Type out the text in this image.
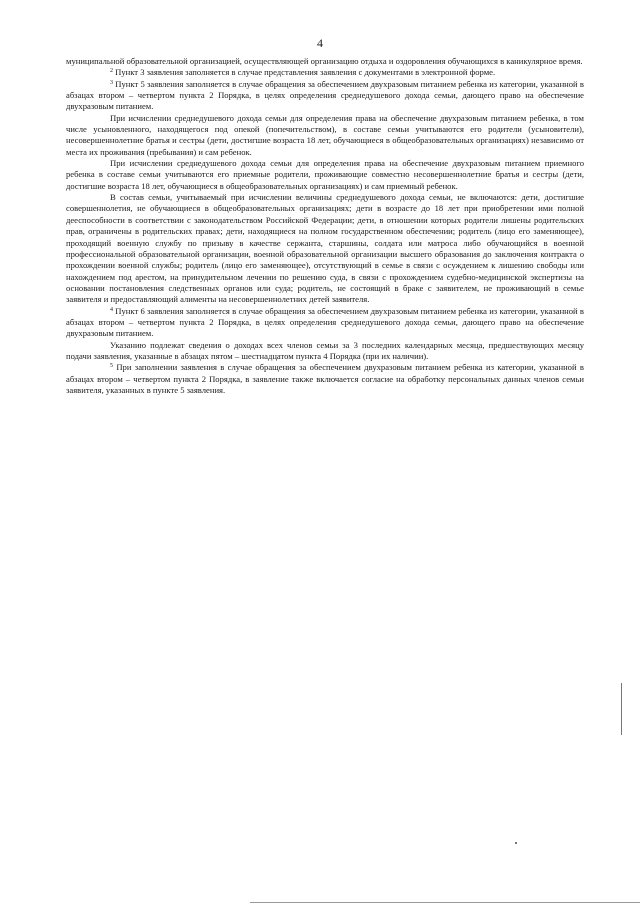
4

муниципальной образовательной организацией, осуществляющей организацию отдыха и оздоровления обучающихся в каникулярное время.

$^2$ Пункт 3 заявления заполняется в случае представления заявления с документами в электронной форме.

$^3$ Пункт 5 заявления заполняется в случае обращения за обеспечением двухразовым питанием ребенка из категории, указанной в абзацах втором – четвертом пункта 2 Порядка, в целях определения среднедушевого дохода семьи, дающего право на обеспечение двухразовым питанием.

При исчислении среднедушевого дохода семьи для определения права на обеспечение двухразовым питанием ребенка, в том числе усыновленного, находящегося под опекой (попечительством), в составе семьи учитываются его родители (усыновители), несовершеннолетние братья и сестры (дети, достигшие возраста 18 лет, обучающиеся в общеобразовательных организациях) независимо от места их проживания (пребывания) и сам ребенок.

При исчислении среднедушевого дохода семьи для определения права на обеспечение двухразовым питанием приемного ребенка в составе семьи учитываются его приемные родители, проживающие совместно несовершеннолетние братья и сестры (дети, достигшие возраста 18 лет, обучающиеся в общеобразовательных организациях) и сам приемный ребенок.

В состав семьи, учитываемый при исчислении величины среднедушевого дохода семьи, не включаются: дети, достигшие совершеннолетия, не обучающиеся в общеобразовательных организациях; дети в возрасте до 18 лет при приобретении ими полной дееспособности в соответствии с законодательством Российской Федерации; дети, в отношении которых родители лишены родительских прав, ограничены в родительских правах; дети, находящиеся на полном государственном обеспечении; родитель (лицо его заменяющее), проходящий военную службу по призыву в качестве сержанта, старшины, солдата или матроса либо обучающийся в военной профессиональной образовательной организации, военной образовательной организации высшего образования до заключения контракта о прохождении военной службы; родитель (лицо его заменяющее), отсутствующий в семье в связи с осуждением к лишению свободы или нахождением под арестом, на принудительном лечении по решению суда, в связи с прохождением судебно-медицинской экспертизы на основании постановления следственных органов или суда; родитель, не состоящий в браке с заявителем, не проживающий в семье заявителя и предоставляющий алименты на несовершеннолетних детей заявителя.

$^4$ Пункт 6 заявления заполняется в случае обращения за обеспечением двухразовым питанием ребенка из категории, указанной в абзацах втором – четвертом пункта 2 Порядка, в целях определения среднедушевого дохода семьи, дающего право на обеспечение двухразовым питанием.

Указанию подлежат сведения о доходах всех членов семьи за 3 последних календарных месяца, предшествующих месяцу подачи заявления, указанные в абзацах пятом – шестнадцатом пункта 4 Порядка (при их наличии).

$^5$ При заполнении заявления в случае обращения за обеспечением двухразовым питанием ребенка из категории, указанной в абзацах втором – четвертом пункта 2 Порядка, в заявление также включается согласие на обработку персональных данных членов семьи заявителя, указанных в пункте 5 заявления.
